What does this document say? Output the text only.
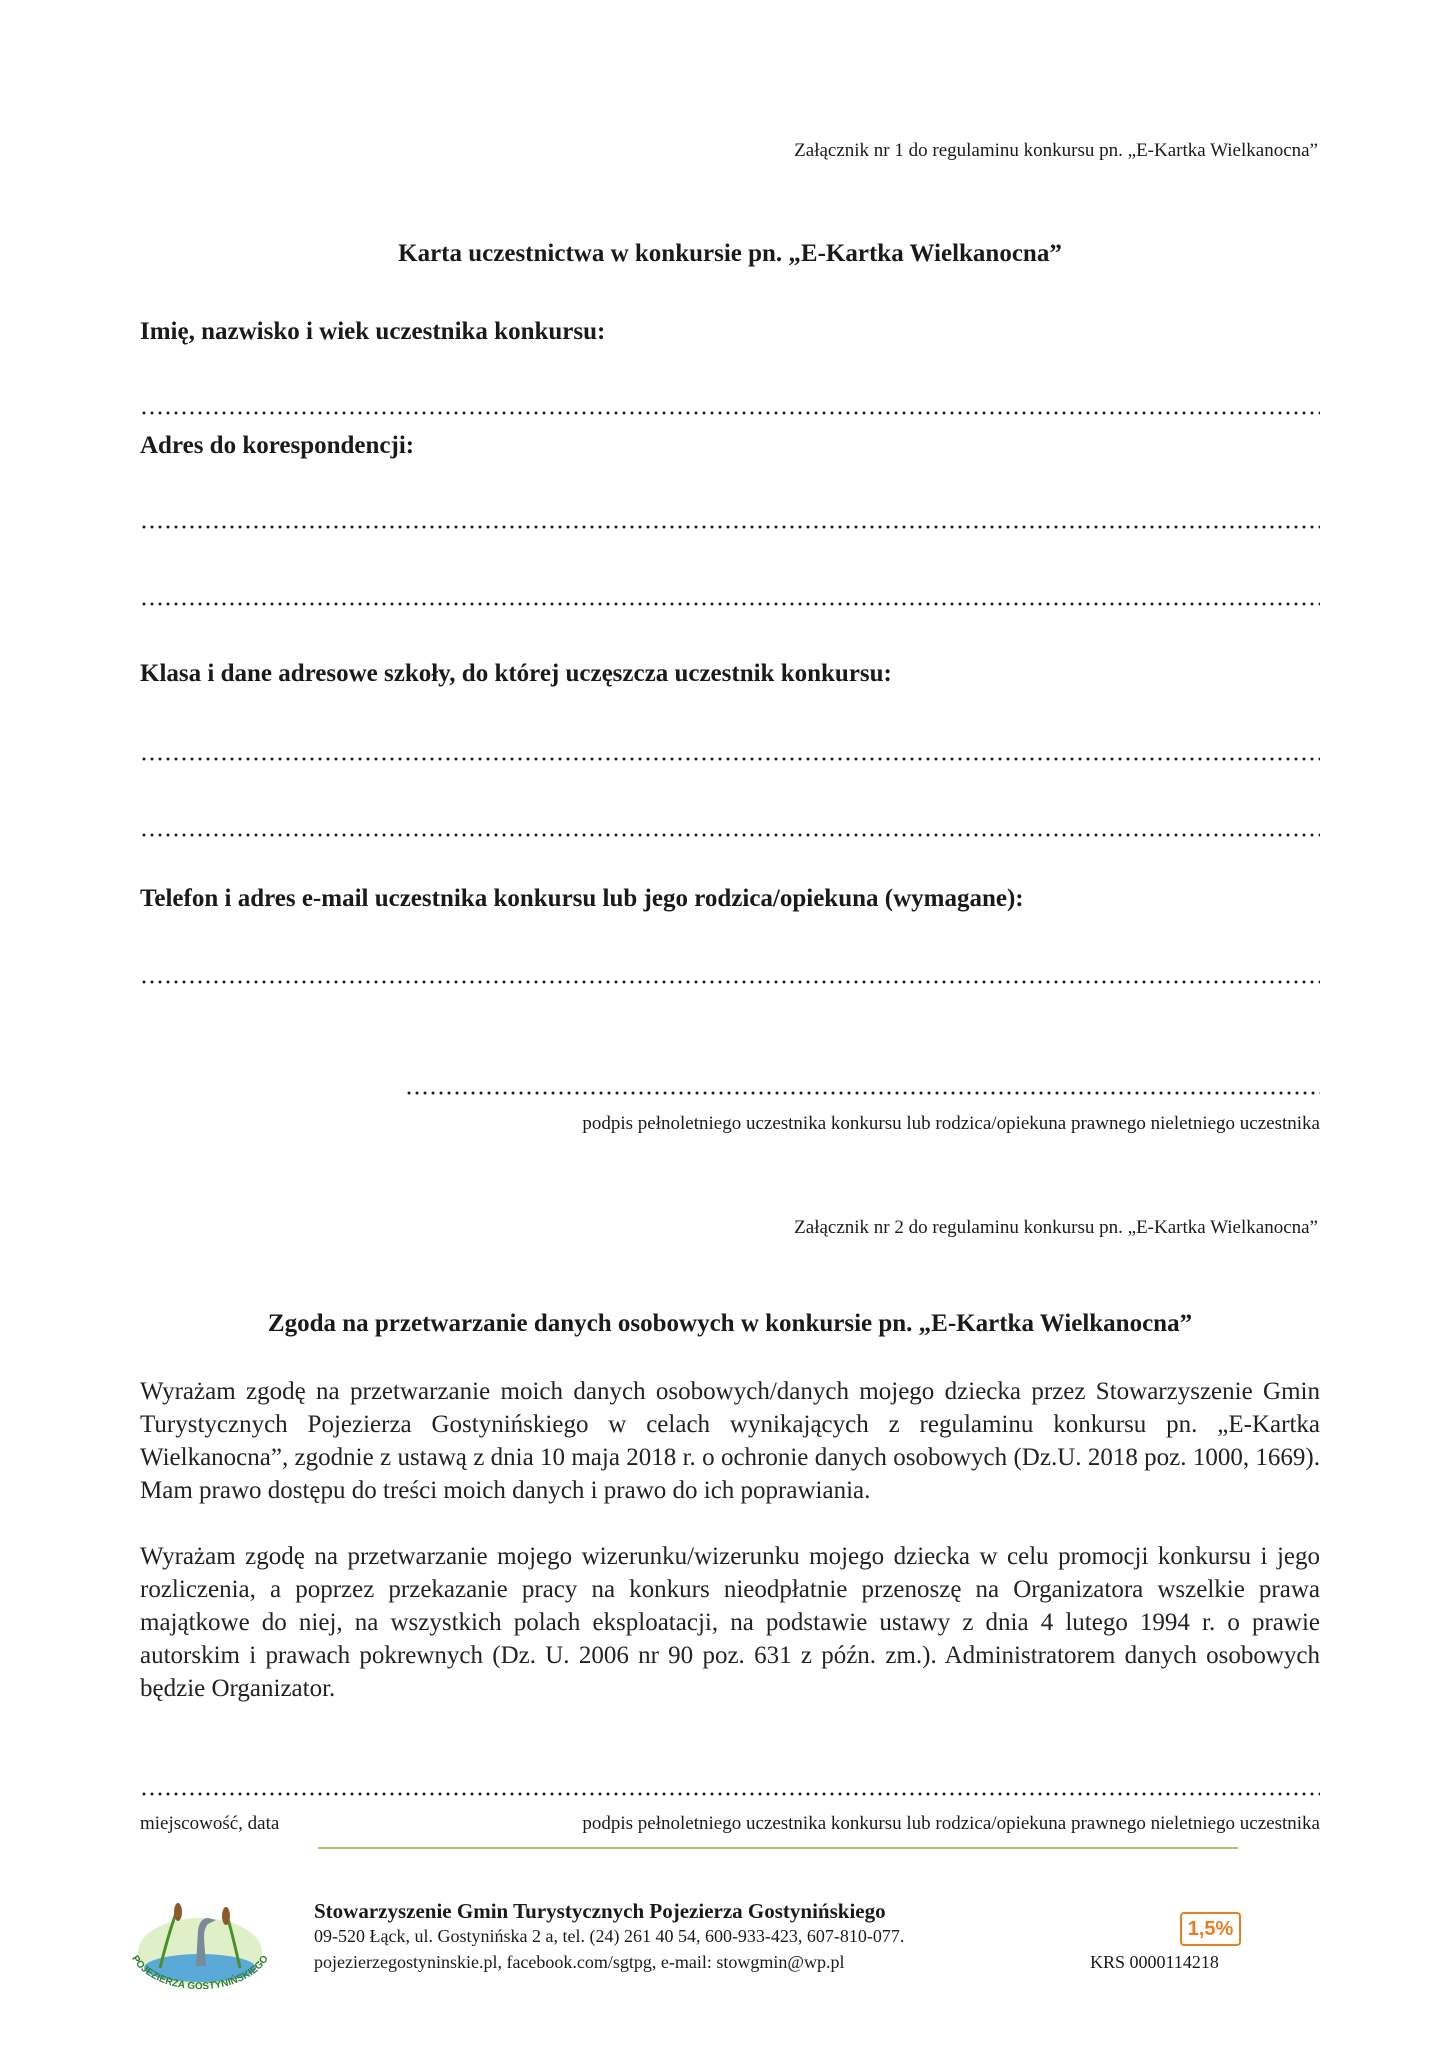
Załącznik nr 1 do regulaminu konkursu pn. „E-Kartka Wielkanocna”
Karta uczestnictwa w konkursie pn. „E-Kartka Wielkanocna”
Imię, nazwisko i wiek uczestnika konkursu:
Adres do korespondencji:
Klasa i dane adresowe szkoły, do której uczęszcza uczestnik konkursu:
Telefon i adres e-mail uczestnika konkursu lub jego rodzica/opiekuna (wymagane):
podpis pełnoletniego uczestnika konkursu lub rodzica/opiekuna prawnego nieletniego uczestnika
Załącznik nr 2 do regulaminu konkursu pn. „E-Kartka Wielkanocna”
Zgoda na przetwarzanie danych osobowych w konkursie pn. „E-Kartka Wielkanocna”
Wyrażam zgodę na przetwarzanie moich danych osobowych/danych mojego dziecka przez Stowarzyszenie Gmin Turystycznych Pojezierza Gostynińskiego w celach wynikających z regulaminu konkursu pn. „E-Kartka Wielkanocna”, zgodnie z ustawą z dnia 10 maja 2018 r. o ochronie danych osobowych (Dz.U. 2018 poz. 1000, 1669). Mam prawo dostępu do treści moich danych i prawo do ich poprawiania.
Wyrażam zgodę na przetwarzanie mojego wizerunku/wizerunku mojego dziecka w celu promocji konkursu i jego rozliczenia, a poprzez przekazanie pracy na konkurs nieodpłatnie przenoszę na Organizatora wszelkie prawa majątkowe do niej, na wszystkich polach eksploatacji, na podstawie ustawy z dnia 4 lutego 1994 r. o prawie autorskim i prawach pokrewnych (Dz. U. 2006 nr 90 poz. 631 z późn. zm.). Administratorem danych osobowych będzie Organizator.
miejscowość, data	podpis pełnoletniego uczestnika konkursu lub rodzica/opiekuna prawnego nieletniego uczestnika
POJEZIERZA GOSTYNIŃSKIEGO
Stowarzyszenie Gmin Turystycznych Pojezierza Gostynińskiego
09-520 Łąck, ul. Gostynińska 2 a, tel. (24) 261 40 54, 600-933-423, 607-810-077.
pojezierzegostyninskie.pl, facebook.com/sgtpg, e-mail: stowgmin@wp.pl	KRS 0000114218
1,5%
